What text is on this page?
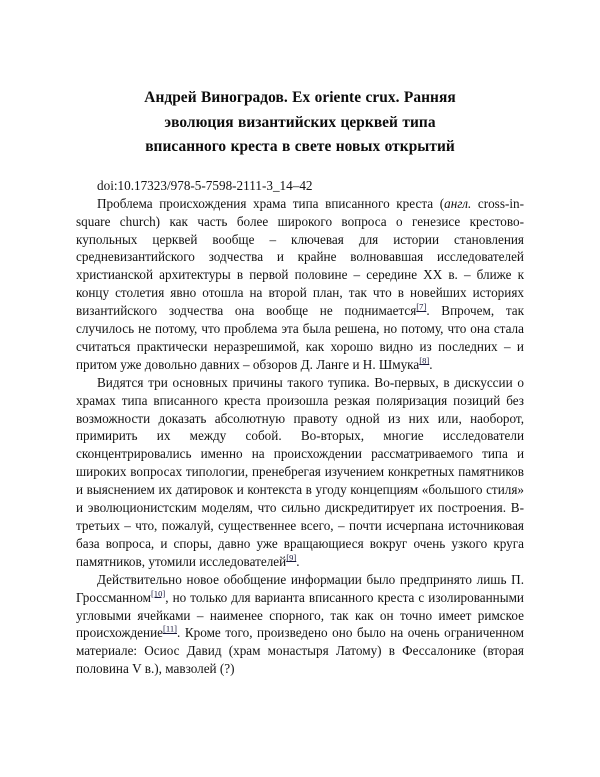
Андрей Виноградов. Ex oriente crux. Ранняя
эволюция византийских церквей типа
вписанного креста в свете новых открытий

doi:10.17323/978-5-7598-2111-3_14–42

Проблема происхождения храма типа вписанного креста (англ. cross-in-square church) как часть более широкого вопроса о генезисе крестово-купольных церквей вообще – ключевая для истории становления средневизантийского зодчества и крайне волновавшая исследователей христианской архитектуры в первой половине – середине XX в. – ближе к концу столетия явно отошла на второй план, так что в новейших историях византийского зодчества она вообще не поднимается[7]. Впрочем, так случилось не потому, что проблема эта была решена, но потому, что она стала считаться практически неразрешимой, как хорошо видно из последних – и притом уже довольно давних – обзоров Д. Ланге и Н. Шмука[8].

Видятся три основных причины такого тупика. Во-первых, в дискуссии о храмах типа вписанного креста произошла резкая поляризация позиций без возможности доказать абсолютную правоту одной из них или, наоборот, примирить их между собой. Во-вторых, многие исследователи сконцентрировались именно на происхождении рассматриваемого типа и широких вопросах типологии, пренебрегая изучением конкретных памятников и выяснением их датировок и контекста в угоду концепциям «большого стиля» и эволюционистским моделям, что сильно дискредитирует их построения. В-третьих – что, пожалуй, существеннее всего, – почти исчерпана источниковая база вопроса, и споры, давно уже вращающиеся вокруг очень узкого круга памятников, утомили исследователей[9].

Действительно новое обобщение информации было предпринято лишь П. Гроссманном[10], но только для варианта вписанного креста с изолированными угловыми ячейками – наименее спорного, так как он точно имеет римское происхождение[11]. Кроме того, произведено оно было на очень ограниченном материале: Осиос Давид (храм монастыря Латому) в Фессалонике (вторая половина V в.), мавзолей (?)
